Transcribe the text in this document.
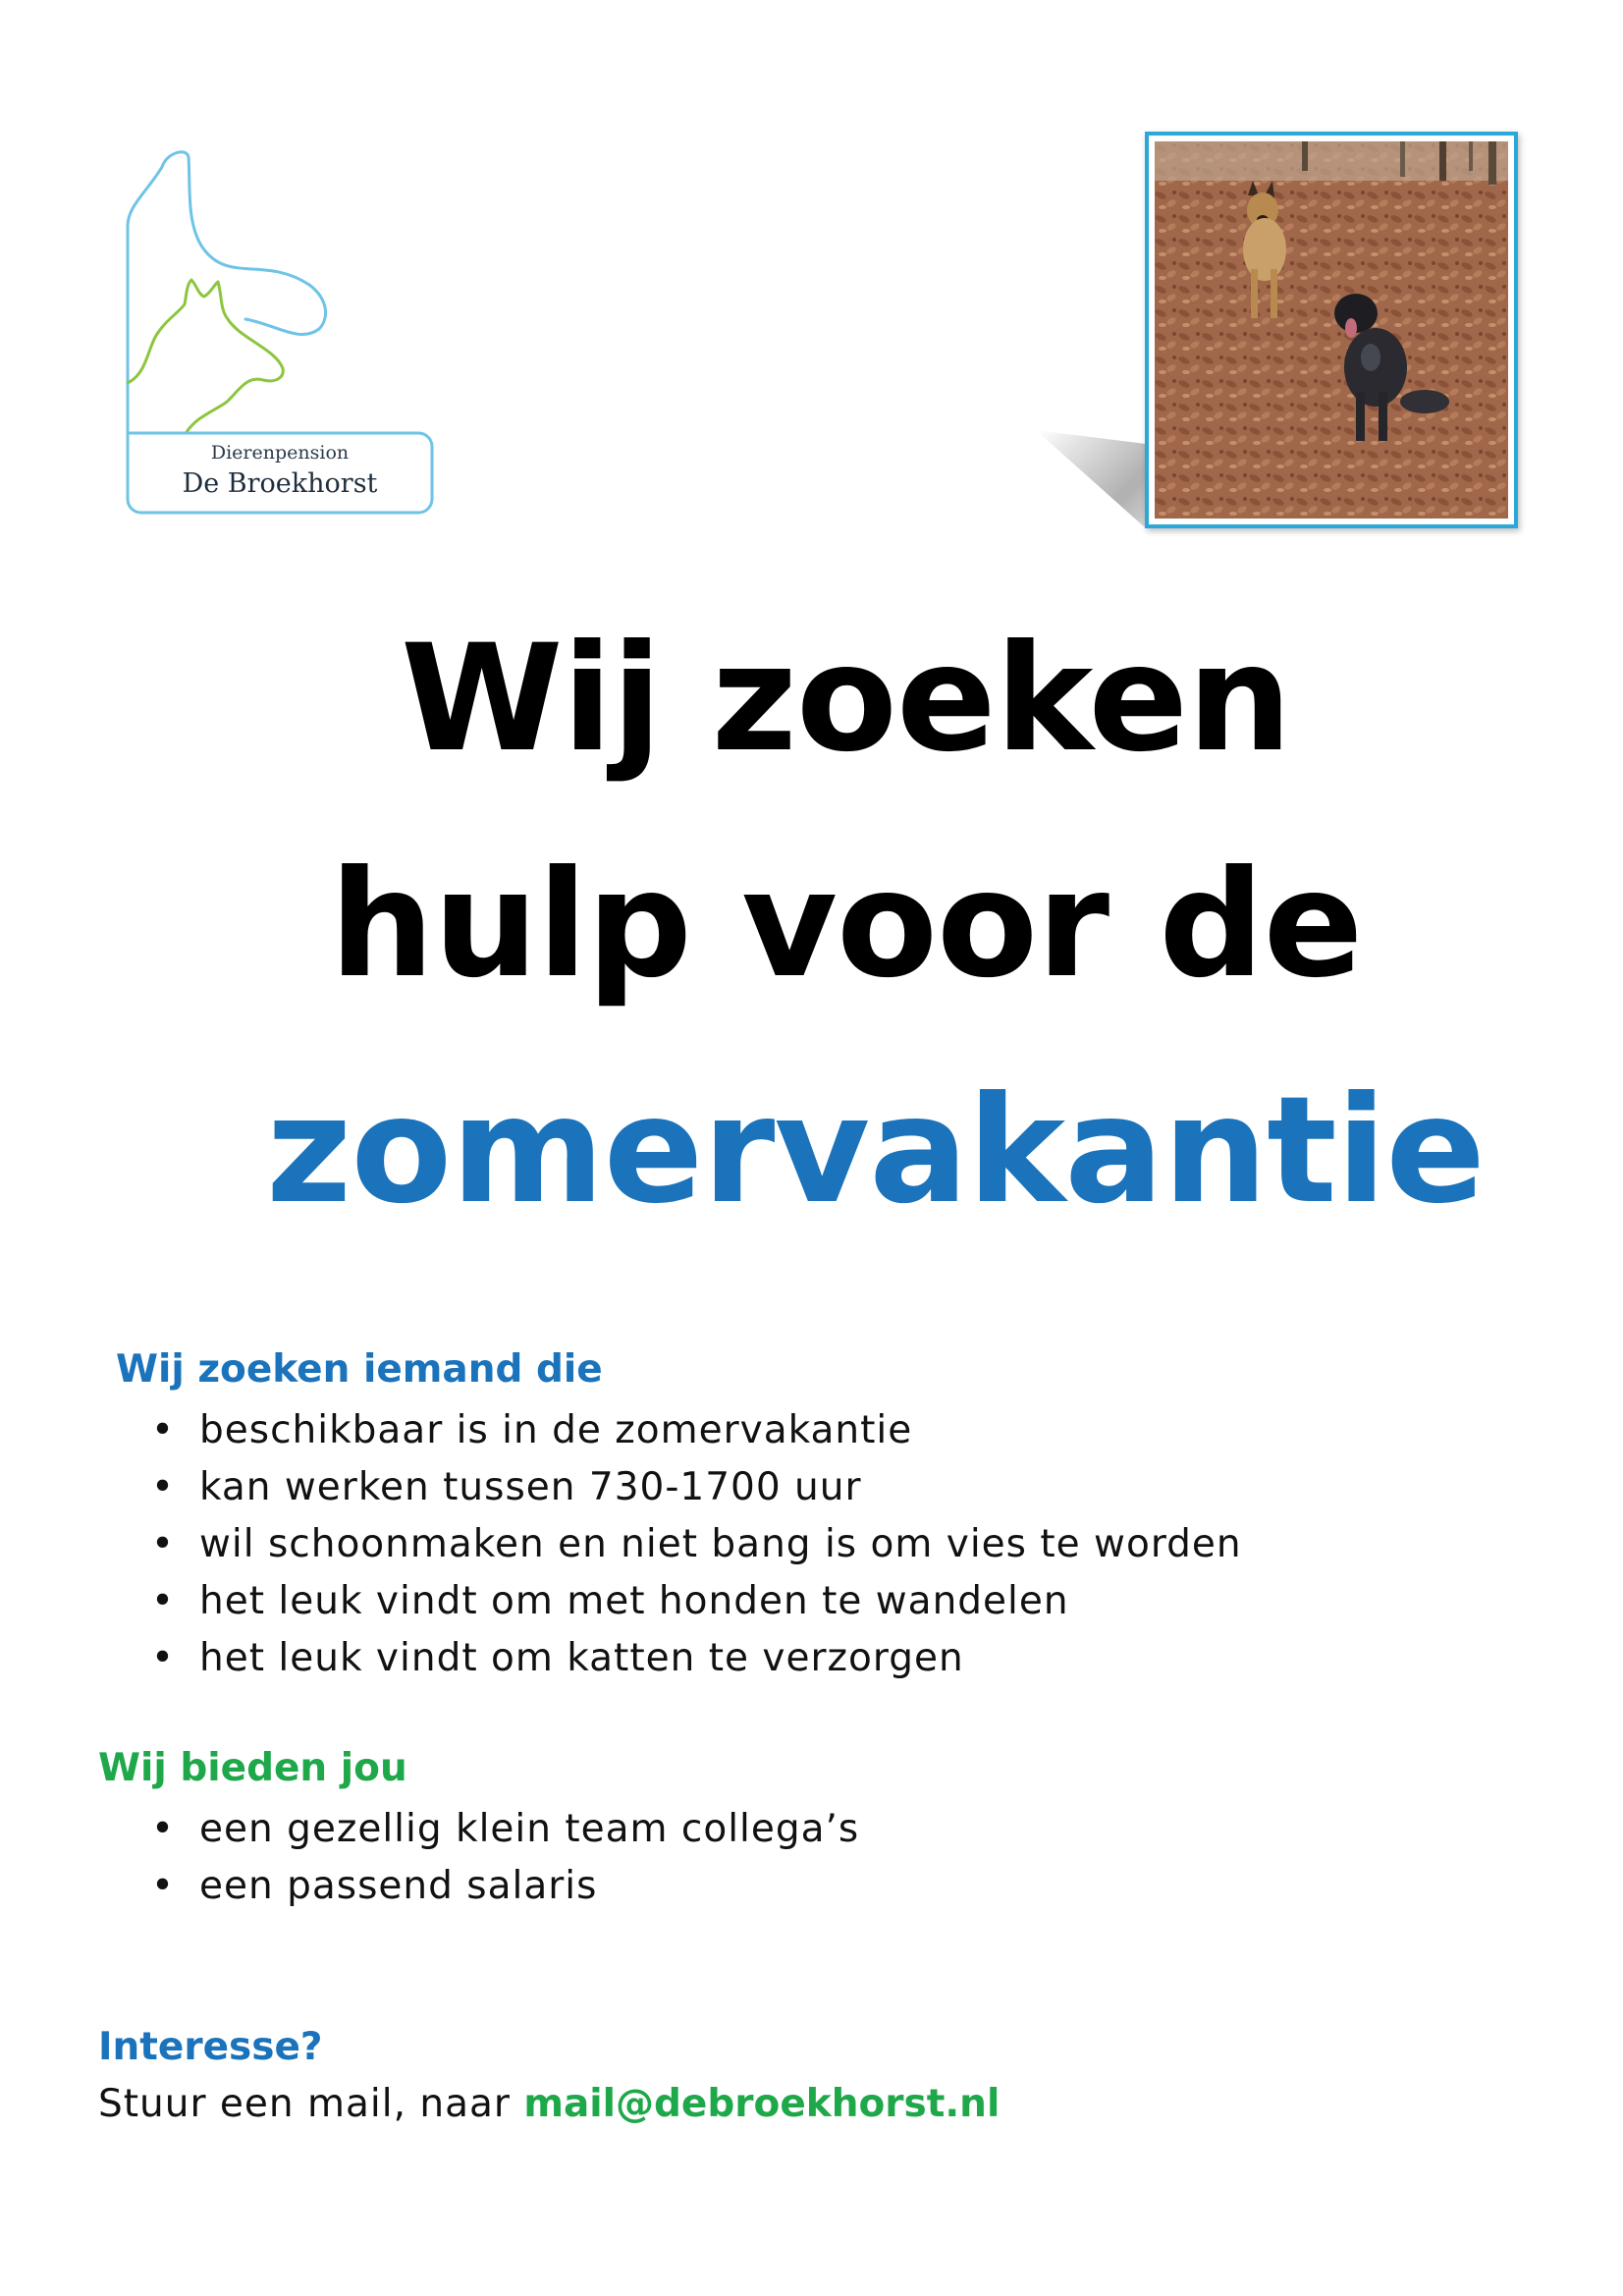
Dierenpension
De Broekhorst
Wij zoeken
hulp voor de
zomervakantie
Wij zoeken iemand die
• beschikbaar is in de zomervakantie
• kan werken tussen 730-1700 uur
• wil schoonmaken en niet bang is om vies te worden
• het leuk vindt om met honden te wandelen
• het leuk vindt om katten te verzorgen
Wij bieden jou
• een gezellig klein team collega’s
• een passend salaris
Interesse?
Stuur een mail, naar mail@debroekhorst.nl
